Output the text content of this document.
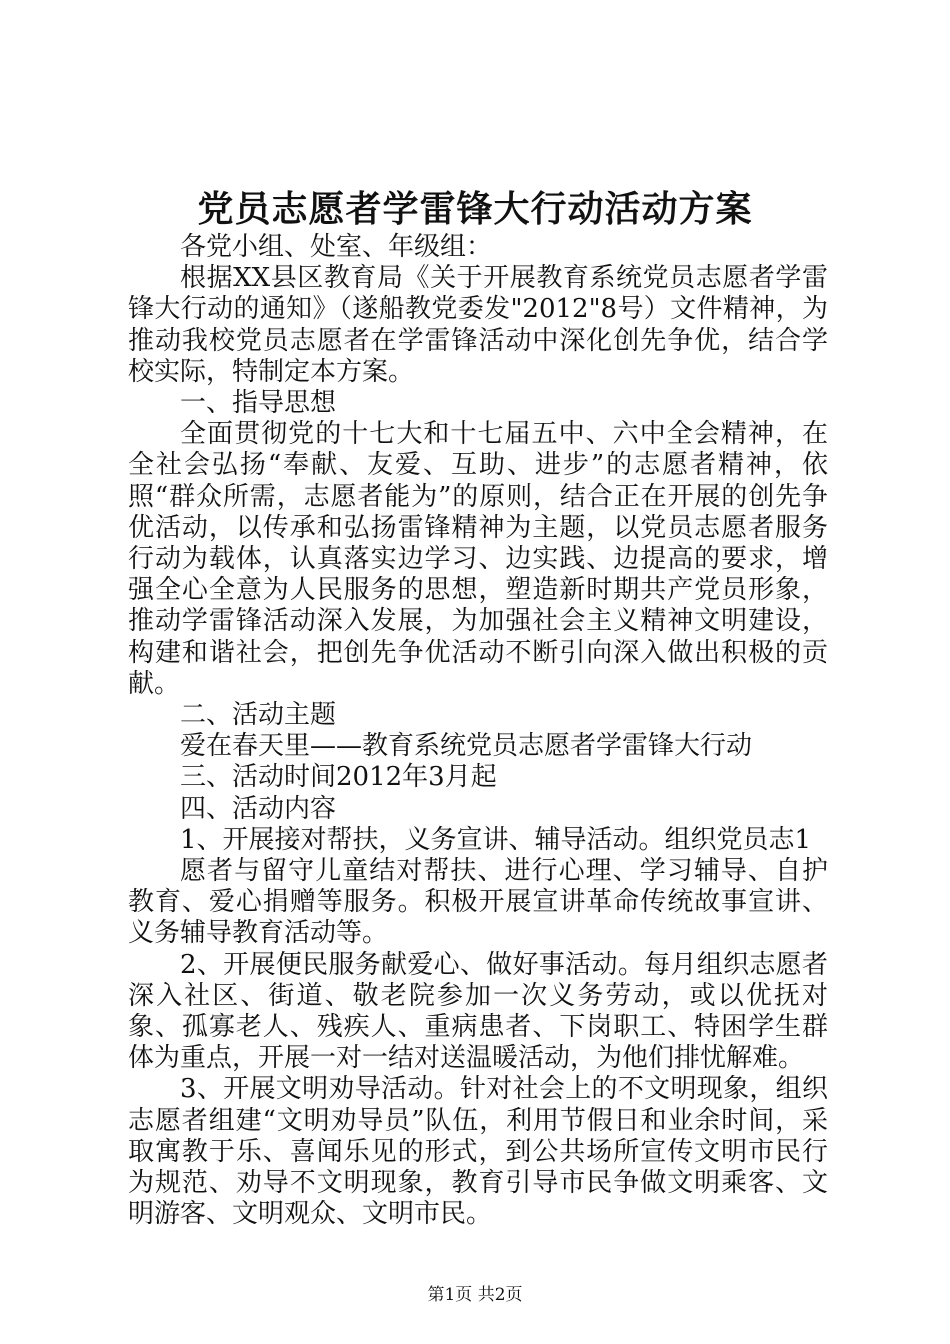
党员志愿者学雷锋大行动活动方案

各党小组、处室、年级组：

根据XX县区教育局《关于开展教育系统党员志愿者学雷锋大行动的通知》（遂船教党委发"2012"8号）文件精神，为推动我校党员志愿者在学雷锋活动中深化创先争优，结合学校实际，特制定本方案。

一、指导思想

全面贯彻党的十七大和十七届五中、六中全会精神，在全社会弘扬“奉献、友爱、互助、进步”的志愿者精神，依照“群众所需，志愿者能为”的原则，结合正在开展的创先争优活动，以传承和弘扬雷锋精神为主题，以党员志愿者服务行动为载体，认真落实边学习、边实践、边提高的要求，增强全心全意为人民服务的思想，塑造新时期共产党员形象，推动学雷锋活动深入发展，为加强社会主义精神文明建设，构建和谐社会，把创先争优活动不断引向深入做出积极的贡献。

二、活动主题

爱在春天里——教育系统党员志愿者学雷锋大行动

三、活动时间2012年3月起

四、活动内容

1、开展接对帮扶，义务宣讲、辅导活动。组织党员志1

愿者与留守儿童结对帮扶、进行心理、学习辅导、自护教育、爱心捐赠等服务。积极开展宣讲革命传统故事宣讲、义务辅导教育活动等。

2、开展便民服务献爱心、做好事活动。每月组织志愿者深入社区、街道、敬老院参加一次义务劳动，或以优抚对象、孤寡老人、残疾人、重病患者、下岗职工、特困学生群体为重点，开展一对一结对送温暖活动，为他们排忧解难。

3、开展文明劝导活动。针对社会上的不文明现象，组织志愿者组建“文明劝导员”队伍，利用节假日和业余时间，采取寓教于乐、喜闻乐见的形式，到公共场所宣传文明市民行为规范、劝导不文明现象，教育引导市民争做文明乘客、文明游客、文明观众、文明市民。

第1页 共2页
